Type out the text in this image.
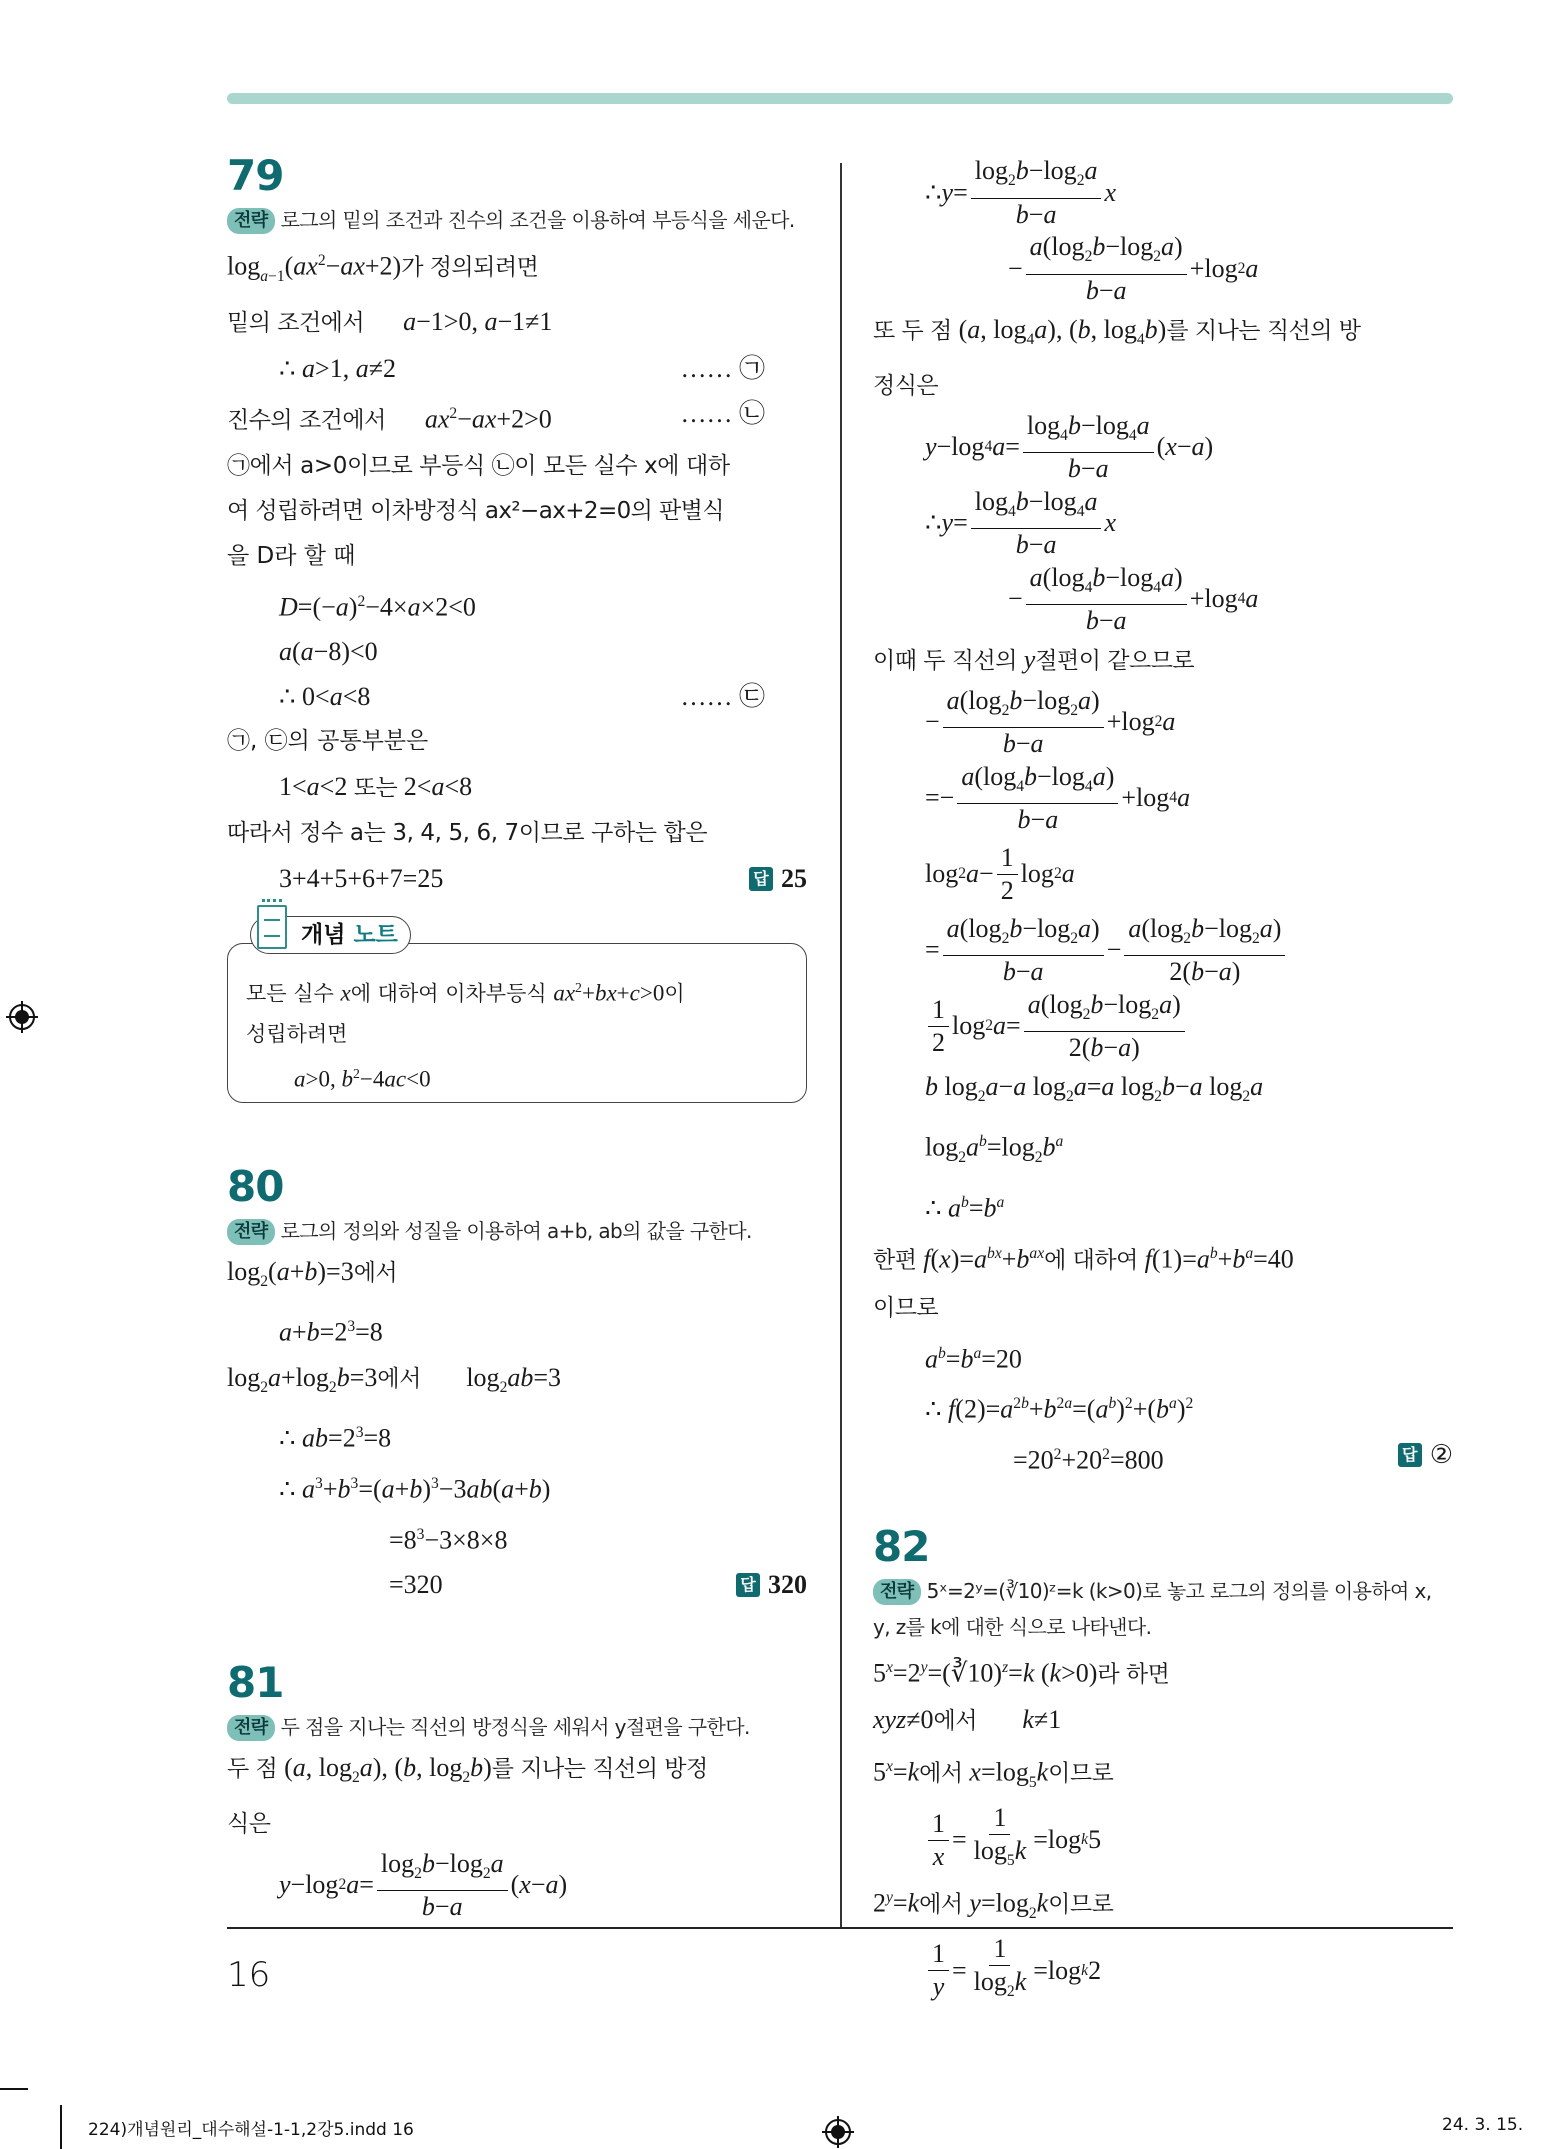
16
224)개념원리_대수해설-1-1,2강5.indd 16	24. 3. 15.
79
전략 로그의 밑의 조건과 진수의 조건을 이용하여 부등식을 세운다.
$\log_{a-1}(ax^2-ax+2)$가 정의되려면
밑의 조건에서 a−1>0, a−1≠1
∴ a>1, a≠2	…… ㉠
진수의 조건에서 $ax^2-ax+2>0$	…… ㉡
㉠에서 a>0이므로 부등식 ㉡이 모든 실수 x에 대하
여 성립하려면 이차방정식 ax²−ax+2=0의 판별식
을 D라 할 때
$D=(-a)^2-4\times a\times 2<0$
a(a−8)<0
∴ 0<a<8	…… ㉢
㉠, ㉢의 공통부분은
1<a<2 또는 2<a<8
따라서 정수 a는 3, 4, 5, 6, 7이므로 구하는 합은
3+4+5+6+7=25	답 25
개념 노트
모든 실수 x에 대하여 이차부등식 $ax^2+bx+c>0$이
성립하려면
a>0, $b^2-4ac<0$
80
전략 로그의 정의와 성질을 이용하여 a+b, ab의 값을 구한다.
$\log_2(a+b)=3$에서
$a+b=2^3=8$
$\log_2a+\log_2b=3$에서       $\log_2ab=3$
∴ $ab=2^3=8$
∴ $a^3+b^3=(a+b)^3-3ab(a+b)$
$=8^3-3\times 8\times 8$
=320	답 320
81
전략 두 점을 지나는 직선의 방정식을 세워서 y절편을 구한다.
두 점 (a, $\log_2a$), (b, $\log_2b$)를 지나는 직선의 방정
식은
y −log 2 $a = \frac{\log_2b-\log_2a}{b-a}$ ( x − a )
∴ $y = \frac{\log_2b-\log_2a}{b-a}$ x
− $\frac{a(\log_2b-\log_2a)}{b-a} +\log$ 2 a
또 두 점 (a, $\log_4a$), (b, $\log_4b$)를 지나는 직선의 방
정식은
y −log 4 $a = \frac{\log_4b-\log_4a}{b-a}$ ( x − a )
∴ $y = \frac{\log_4b-\log_4a}{b-a}$ x
− $\frac{a(\log_4b-\log_4a)}{b-a} +\log$ 4 a
이때 두 직선의 y절편이 같으므로
− $\frac{a(\log_2b-\log_2a)}{b-a} +\log$ 2 a
=− $\frac{a(\log_4b-\log_4a)}{b-a} +\log$ 4 a
log 2 $a - \frac{1}{2}$ log 2 a
= $\frac{a(\log_2b-\log_2a)}{b-a} - \frac{a(\log_2b-\log_2a)}{2(b-a)}$
$\frac{1}{2}$ log 2 $a = \frac{a(\log_2b-\log_2a)}{2(b-a)}$
b $\log_2a-a$ $\log_2a=a$ $\log_2b-a$ $\log_2a$
$\log_2a^b=\log_2b^a$
∴ $a^b=b^a$
한편 $f(x)=a^{bx}+b^{ax}$에 대하여 $f(1)=a^b+b^a=40$
이므로
$a^b=b^a=20$
∴ $f(2)=a^{2b}+b^{2a}=(a^b)^2+(b^a)^2$
$=20^2+20^2=800$	답 ②
82
전략 5ˣ=2ʸ=(∛10)ᶻ=k (k>0)로 놓고 로그의 정의를 이용하여 x, y, z를 k에 대한 식으로 나타낸다.
$5^x=2^y=(∛10)^z=k$ (k>0)라 하면
xyz≠0에서 k≠1
$5^x=k$에서 $x=\log_5k$이므로
$\frac{1}{x} = \frac{1}{\log_5k} =\log$ k 5
$2^y=k$에서 $y=\log_2k$이므로
$\frac{1}{y} = \frac{1}{\log_2k} =\log$ k 2
